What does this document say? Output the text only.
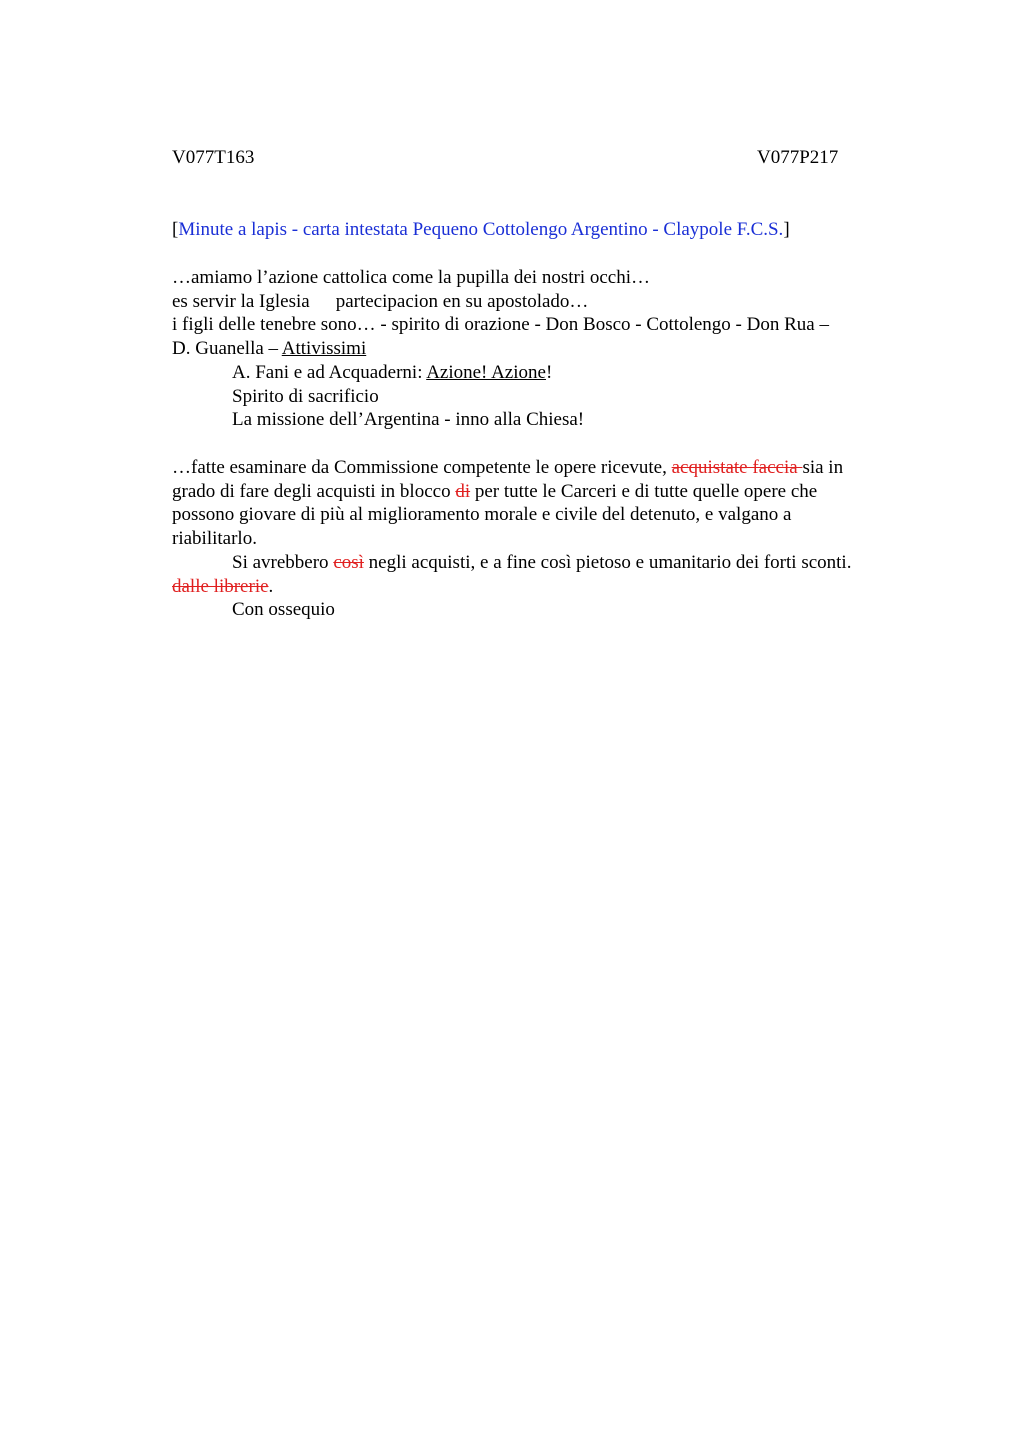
V077T163	V077P217
[Minute a lapis - carta intestata Pequeno Cottolengo Argentino - Claypole F.C.S.]
…amiamo l’azione cattolica come la pupilla dei nostri occhi…
es servir la Iglesia partecipacion en su apostolado…
i figli delle tenebre sono… - spirito di orazione - Don Bosco - Cottolengo - Don Rua –
D. Guanella – Attivissimi
A. Fani e ad Acquaderni: Azione! Azione!
Spirito di sacrificio
La missione dell’Argentina - inno alla Chiesa!
…fatte esaminare da Commissione competente le opere ricevute, acquistate faccia sia in
grado di fare degli acquisti in blocco di per tutte le Carceri e di tutte quelle opere che
possono giovare di più al miglioramento morale e civile del detenuto, e valgano a
riabilitarlo.
Si avrebbero così negli acquisti, e a fine così pietoso e umanitario dei forti sconti.
dalle librerie.
Con ossequio
